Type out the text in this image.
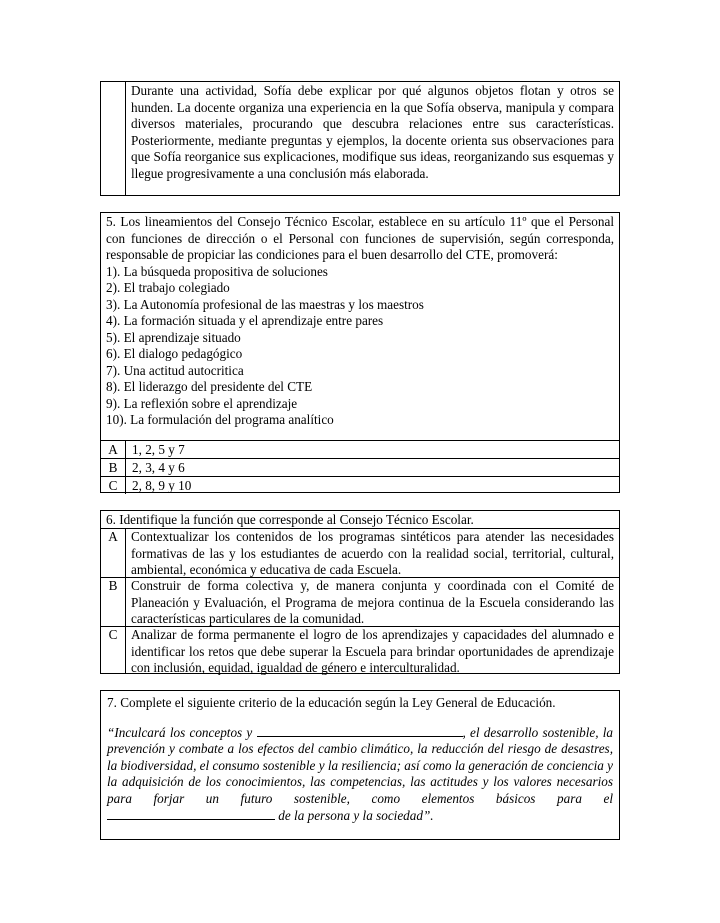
Durante una actividad, Sofía debe explicar por qué algunos objetos flotan y otros se hunden. La docente organiza una experiencia en la que Sofía observa, manipula y compara diversos materiales, procurando que descubra relaciones entre sus características. Posteriormente, mediante preguntas y ejemplos, la docente orienta sus observaciones para que Sofía reorganice sus explicaciones, modifique sus ideas, reorganizando sus esquemas y llegue progresivamente a una conclusión más elaborada.
5. Los lineamientos del Consejo Técnico Escolar, establece en su artículo 11º que el Personal con funciones de dirección o el Personal con funciones de supervisión, según corresponda, responsable de propiciar las condiciones para el buen desarrollo del CTE, promoverá:
1). La búsqueda propositiva de soluciones
2). El trabajo colegiado
3). La Autonomía profesional de las maestras y los maestros
4). La formación situada y el aprendizaje entre pares
5). El aprendizaje situado
6). El dialogo pedagógico
7). Una actitud autocritica
8). El liderazgo del presidente del CTE
9). La reflexión sobre el aprendizaje
10). La formulación del programa analítico
A	1, 2, 5 y 7
B	2, 3, 4 y 6
C	2, 8, 9 y 10
6. Identifique la función que corresponde al Consejo Técnico Escolar.
A	Contextualizar los contenidos de los programas sintéticos para atender las necesidades formativas de las y los estudiantes de acuerdo con la realidad social, territorial, cultural, ambiental, económica y educativa de cada Escuela.
B	Construir de forma colectiva y, de manera conjunta y coordinada con el Comité de Planeación y Evaluación, el Programa de mejora continua de la Escuela considerando las características particulares de la comunidad.
C	Analizar de forma permanente el logro de los aprendizajes y capacidades del alumnado e identificar los retos que debe superar la Escuela para brindar oportunidades de aprendizaje con inclusión, equidad, igualdad de género e interculturalidad.
7. Complete el siguiente criterio de la educación según la Ley General de Educación.
“Inculcará los conceptos y	, el desarrollo sostenible, la prevención y combate a los efectos del cambio climático, la reducción del riesgo de desastres, la biodiversidad, el consumo sostenible y la resiliencia; así como la generación de conciencia y la adquisición de los conocimientos, las competencias, las actitudes y los valores necesarios para forjar un futuro sostenible, como elementos básicos para el  de la persona y la sociedad”.
